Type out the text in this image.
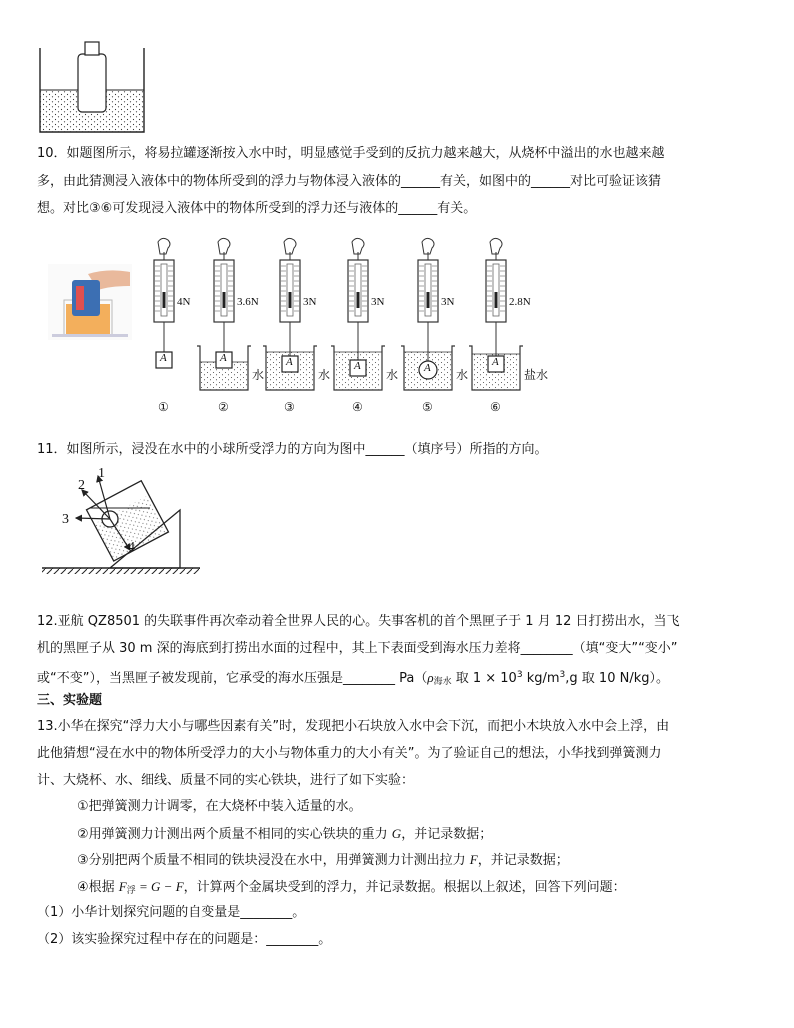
10．如题图所示，将易拉罐逐渐按入水中时，明显感觉手受到的反抗力越来越大，从烧杯中溢出的水也越来越
多，由此猜测浸入液体中的物体所受到的浮力与物体浸入液体的______有关，如图中的______对比可验证该猜
想。对比③⑥可发现浸入液体中的物体所受到的浮力还与液体的______有关。
4N
①
A
3.6N
②
水
A
3N
③
水
A
3N
④
水
A
3N
⑤
水
A
2.8N
⑥
盐水
A
11．如图所示，浸没在水中的小球所受浮力的方向为图中______（填序号）所指的方向。
1
2
3
4
12.亚航 QZ8501 的失联事件再次牵动着全世界人民的心。失事客机的首个黑匣子于 1 月 12 日打捞出水，当飞
机的黑匣子从 30 m 深的海底到打捞出水面的过程中，其上下表面受到海水压力差将________（填“变大”“变小”
或“不变”），当黑匣子被发现前，它承受的海水压强是________ $Pa(\rho_{海水}$ 取 $1 \times 10^3$ $kg/m^3,g$ 取 10 N/kg）。
三、实验题
13.小华在探究“浮力大小与哪些因素有关”时，发现把小石块放入水中会下沉，而把小木块放入水中会上浮，由
此他猜想“浸在水中的物体所受浮力的大小与物体重力的大小有关”。为了验证自己的想法，小华找到弹簧测力
计、大烧杯、水、细线、质量不同的实心铁块，进行了如下实验：
①把弹簧测力计调零，在大烧杯中装入适量的水。
②用弹簧测力计测出两个质量不相同的实心铁块的重力 G，并记录数据；
③分别把两个质量不相同的铁块浸没在水中，用弹簧测力计测出拉力 F，并记录数据；
④根据 $F_浮 = G - F$，计算两个金属块受到的浮力，并记录数据。根据以上叙述，回答下列问题：
（1）小华计划探究问题的自变量是________。
（2）该实验探究过程中存在的问题是：________。
